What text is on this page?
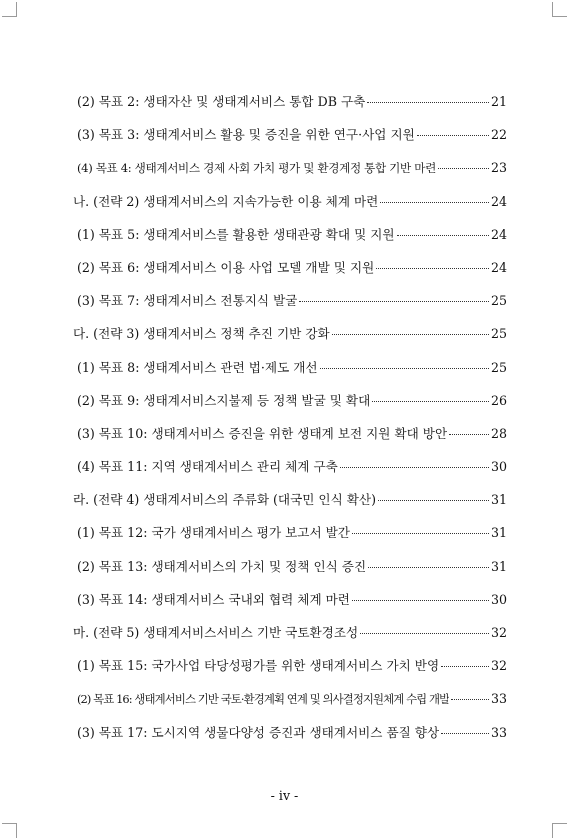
(2) 목표 2: 생태자산 및 생태계서비스 통합 DB 구축	21
(3) 목표 3: 생태계서비스 활용 및 증진을 위한 연구·사업 지원	22
(4) 목표 4: 생태계서비스 경제 사회 가치 평가 및 환경계정 통합 기반 마련	23
나. (전략 2) 생태계서비스의 지속가능한 이용 체계 마련	24
(1) 목표 5: 생태계서비스를 활용한 생태관광 확대 및 지원	24
(2) 목표 6: 생태계서비스 이용 사업 모델 개발 및 지원	24
(3) 목표 7: 생태계서비스 전통지식 발굴	25
다. (전략 3) 생태계서비스 정책 추진 기반 강화	25
(1) 목표 8: 생태계서비스 관련 법·제도 개선	25
(2) 목표 9: 생태계서비스지불제 등 정책 발굴 및 확대	26
(3) 목표 10: 생태계서비스 증진을 위한 생태계 보전 지원 확대 방안	28
(4) 목표 11: 지역 생태계서비스 관리 체계 구축	30
라. (전략 4) 생태계서비스의 주류화 (대국민 인식 확산)	31
(1) 목표 12: 국가 생태계서비스 평가 보고서 발간	31
(2) 목표 13: 생태계서비스의 가치 및 정책 인식 증진	31
(3) 목표 14: 생태계서비스 국내외 협력 체계 마련	30
마. (전략 5) 생태계서비스서비스 기반 국토환경조성	32
(1) 목표 15: 국가사업 타당성평가를 위한 생태계서비스 가치 반영	32
(2) 목표 16: 생태계서비스 기반 국토·환경계획 연계 및 의사결정지원체계 수립 개발	33
(3) 목표 17: 도시지역 생물다양성 증진과 생태계서비스 품질 향상	33
- iv -
